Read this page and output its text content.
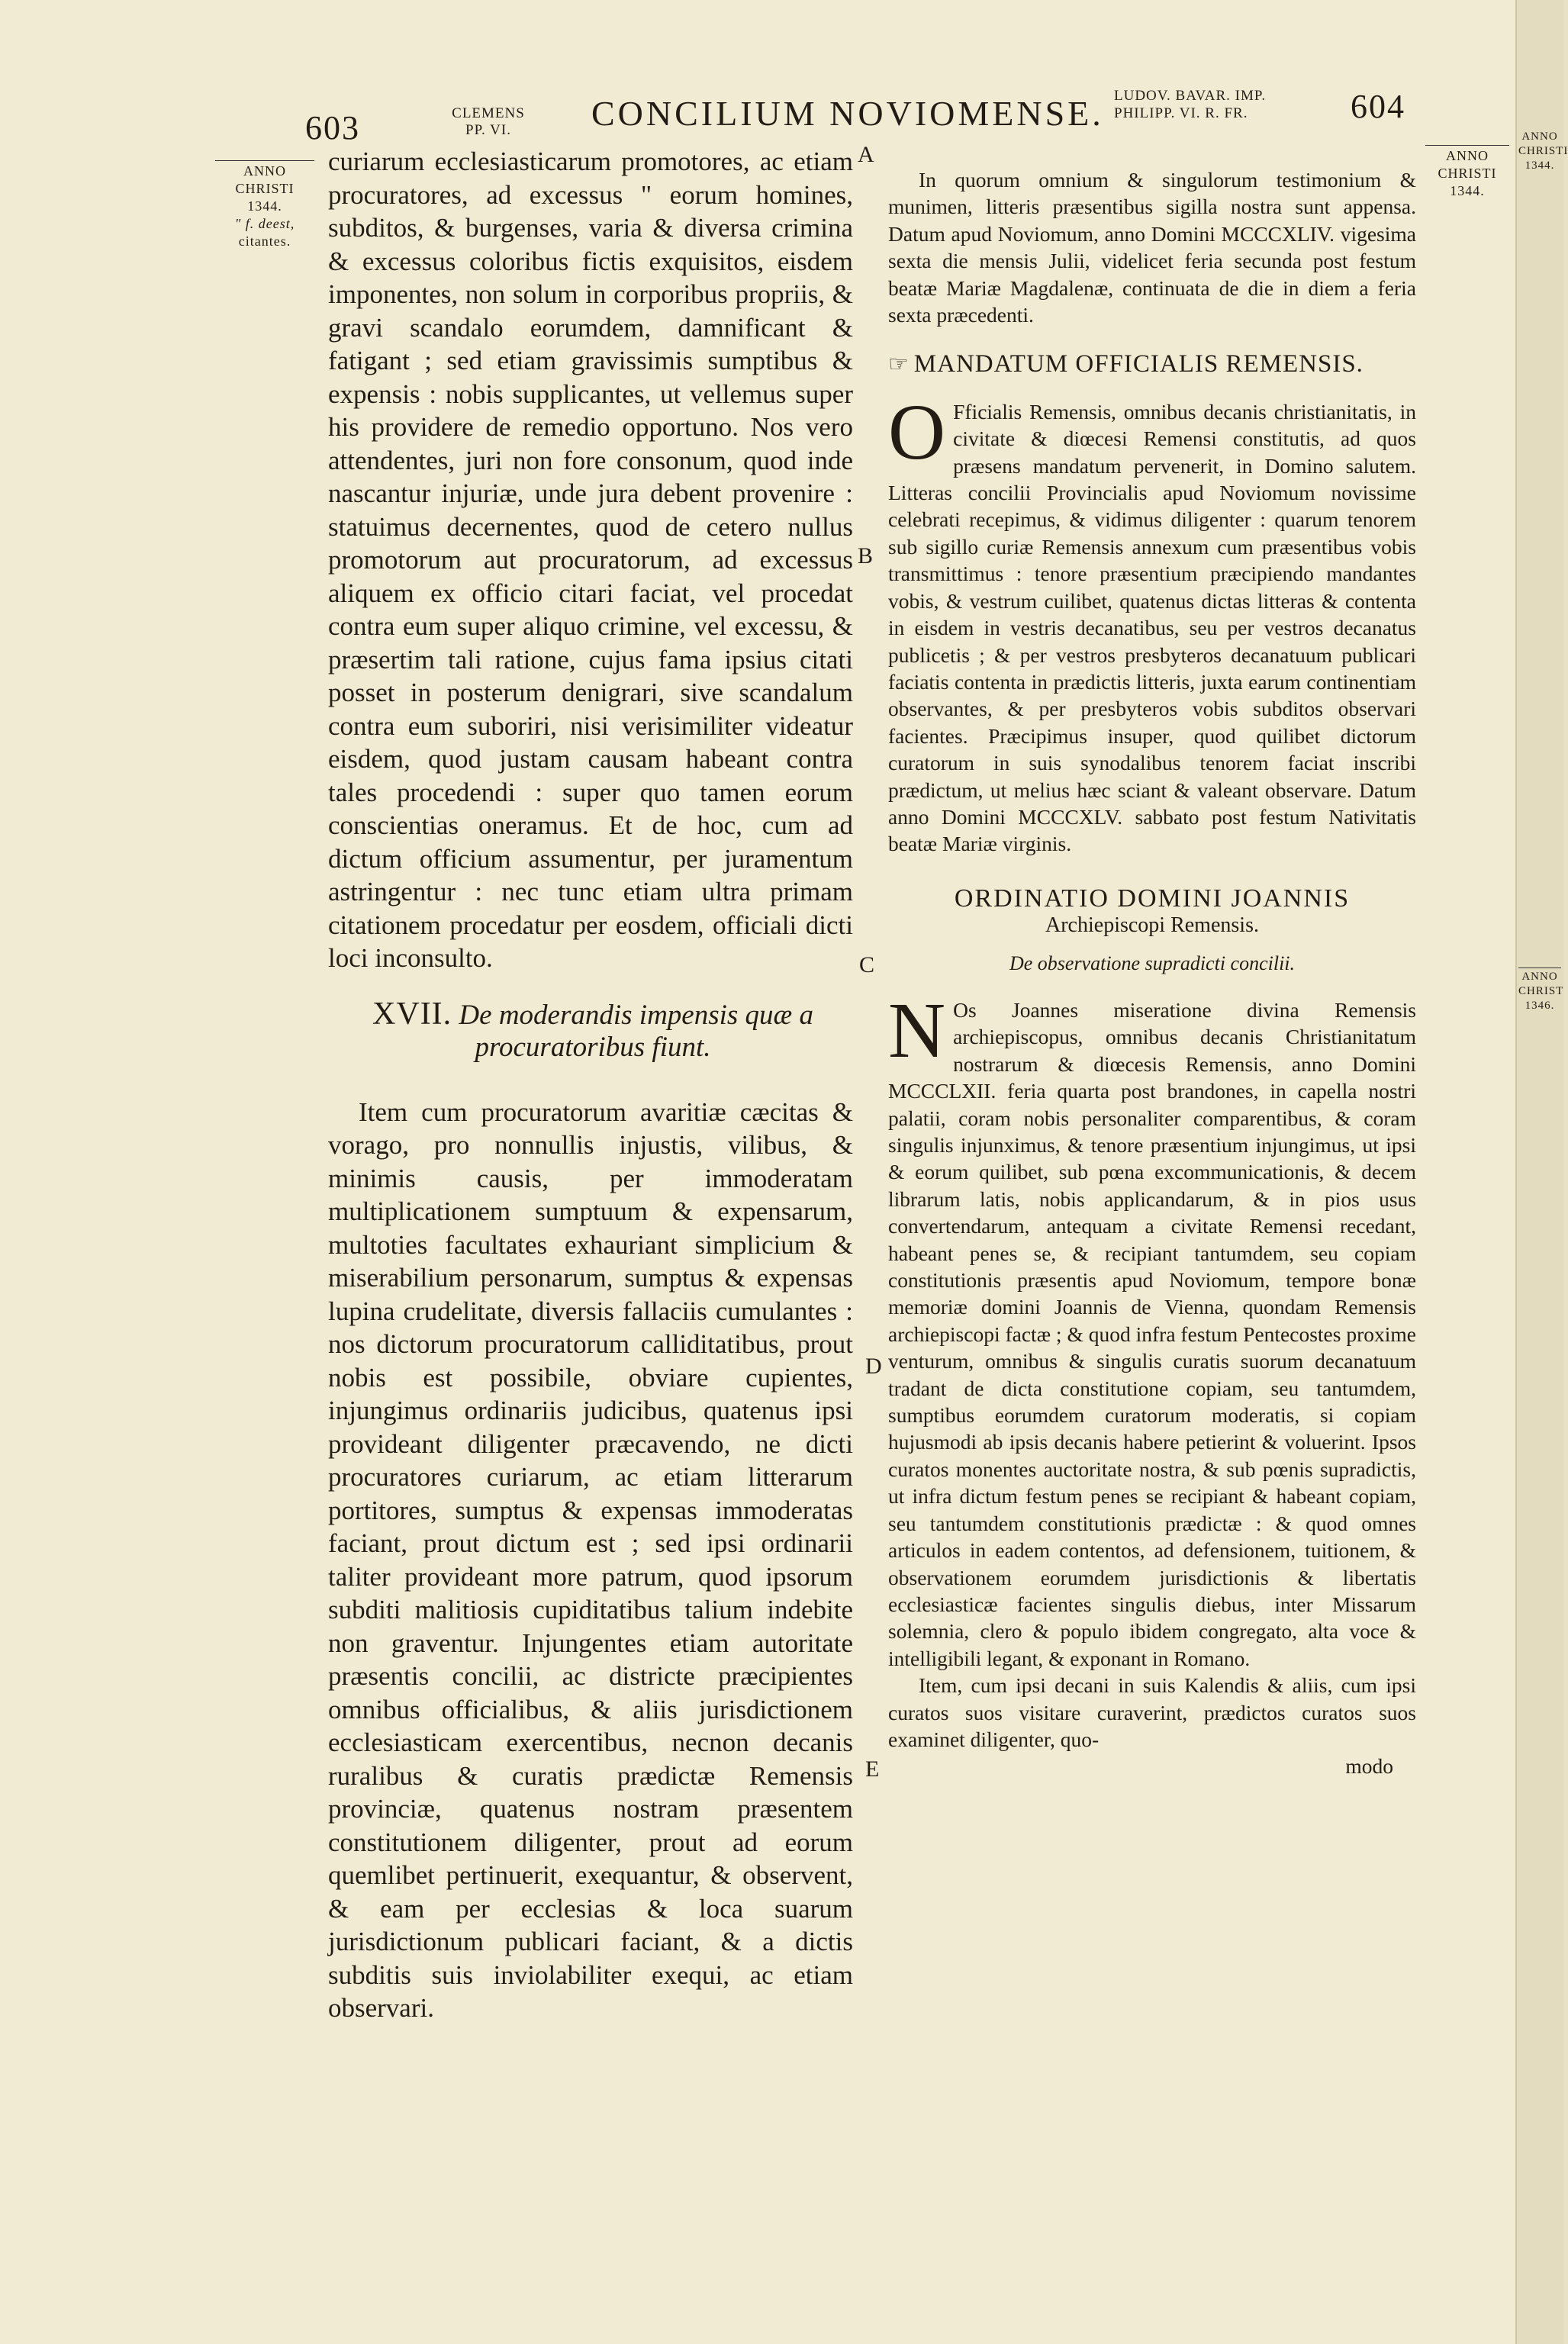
603	CLEMENS
PP. VI.	CONCILIUM NOVIOMENSE. LUDOV. BAVAR. IMP.
PHILIPP. VI. R. FR.	604
ANNO
CHRISTI
1344.
" f. deest,
citantes.
ANNO
CHRISTI
1344.
ANNO
CHRISTI
1344.
ANNO
CHRIST
1346.
A
B
C
D
E

curiarum ecclesiasticarum promotores, ac etiam procuratores, ad excessus " eorum homines, subditos, & burgenses, varia & diversa crimina & excessus coloribus fictis exquisitos, eisdem imponentes, non solum in corporibus propriis, & gravi scandalo eorumdem, damnificant & fatigant ; sed etiam gravissimis sumptibus & expensis : nobis supplicantes, ut vellemus super his providere de remedio opportuno. Nos vero attendentes, juri non fore consonum, quod inde nascantur injuriæ, unde jura debent provenire : statuimus decernentes, quod de cetero nullus promotorum aut procuratorum, ad excessus aliquem ex officio citari faciat, vel procedat contra eum super aliquo crimine, vel excessu, & præsertim tali ratione, cujus fama ipsius citati posset in posterum denigrari, sive scandalum contra eum suboriri, nisi verisimiliter videatur eisdem, quod justam causam habeant contra tales procedendi : super quo tamen eorum conscientias oneramus. Et de hoc, cum ad dictum officium assumentur, per juramentum astringentur : nec tunc etiam ultra primam citationem procedatur per eosdem, officiali dicti loci inconsulto.

XVII. De moderandis impensis quæ a procuratoribus fiunt.

Item cum procuratorum avaritiæ cæcitas & vorago, pro nonnullis injustis, vilibus, & minimis causis, per immoderatam multiplicationem sumptuum & expensarum, multoties facultates exhauriant simplicium & miserabilium personarum, sumptus & expensas lupina crudelitate, diversis fallaciis cumulantes : nos dictorum procuratorum calliditatibus, prout nobis est possibile, obviare cupientes, injungimus ordinariis judicibus, quatenus ipsi provideant diligenter præcavendo, ne dicti procuratores curiarum, ac etiam litterarum portitores, sumptus & expensas immoderatas faciant, prout dictum est ; sed ipsi ordinarii taliter provideant more patrum, quod ipsorum subditi malitiosis cupiditatibus talium indebite non graventur. Injungentes etiam autoritate præsentis concilii, ac districte præcipientes omnibus officialibus, & aliis jurisdictionem ecclesiasticam exercentibus, necnon decanis ruralibus & curatis prædictæ Remensis provinciæ, quatenus nostram præsentem constitutionem diligenter, prout ad eorum quemlibet pertinuerit, exequantur, & observent, & eam per ecclesias & loca suarum jurisdictionum publicari faciant, & a dictis subditis suis inviolabiliter exequi, ac etiam observari.

In quorum omnium & singulorum testimonium & munimen, litteris præsentibus sigilla nostra sunt appensa. Datum apud Noviomum, anno Domini MCCCXLIV. vigesima sexta die mensis Julii, videlicet feria secunda post festum beatæ Mariæ Magdalenæ, continuata de die in diem a feria sexta præcedenti.

☞ MANDATUM OFFICIALIS REMENSIS.

O Fficialis Remensis, omnibus decanis christianitatis, in civitate & diœcesi Remensi constitutis, ad quos præsens mandatum pervenerit, in Domino salutem. Litteras concilii Provincialis apud Noviomum novissime celebrati recepimus, & vidimus diligenter : quarum tenorem sub sigillo curiæ Remensis annexum cum præsentibus vobis transmittimus : tenore præsentium præcipiendo mandantes vobis, & vestrum cuilibet, quatenus dictas litteras & contenta in eisdem in vestris decanatibus, seu per vestros decanatus publicetis ; & per vestros presbyteros decanatuum publicari faciatis contenta in prædictis litteris, juxta earum continentiam observantes, & per presbyteros vobis subditos observari facientes. Præcipimus insuper, quod quilibet dictorum curatorum in suis synodalibus tenorem faciat inscribi prædictum, ut melius hæc sciant & valeant observare. Datum anno Domini MCCCXLV. sabbato post festum Nativitatis beatæ Mariæ virginis.

ORDINATIO DOMINI JOANNIS
Archiepiscopi Remensis.
De observatione supradicti concilii.

N Os Joannes miseratione divina Remensis archiepiscopus, omnibus decanis Christianitatum nostrarum & diœcesis Remensis, anno Domini MCCCLXII. feria quarta post brandones, in capella nostri palatii, coram nobis personaliter comparentibus, & coram singulis injunximus, & tenore præsentium injungimus, ut ipsi & eorum quilibet, sub pœna excommunicationis, & decem librarum latis, nobis applicandarum, & in pios usus convertendarum, antequam a civitate Remensi recedant, habeant penes se, & recipiant tantumdem, seu copiam constitutionis præsentis apud Noviomum, tempore bonæ memoriæ domini Joannis de Vienna, quondam Remensis archiepiscopi factæ ; & quod infra festum Pentecostes proxime venturum, omnibus & singulis curatis suorum decanatuum tradant de dicta constitutione copiam, seu tantumdem, sumptibus eorumdem curatorum moderatis, si copiam hujusmodi ab ipsis decanis habere petierint & voluerint. Ipsos curatos monentes auctoritate nostra, & sub pœnis supradictis, ut infra dictum festum penes se recipiant & habeant copiam, seu tantumdem constitutionis prædictæ : & quod omnes articulos in eadem contentos, ad defensionem, tuitionem, & observationem eorumdem jurisdictionis & libertatis ecclesiasticæ facientes singulis diebus, inter Missarum solemnia, clero & populo ibidem congregato, alta voce & intelligibili legant, & exponant in Romano.

Item, cum ipsi decani in suis Kalendis & aliis, cum ipsi curatos suos visitare curaverint, prædictos curatos suos examinet diligenter, quo-

modo
